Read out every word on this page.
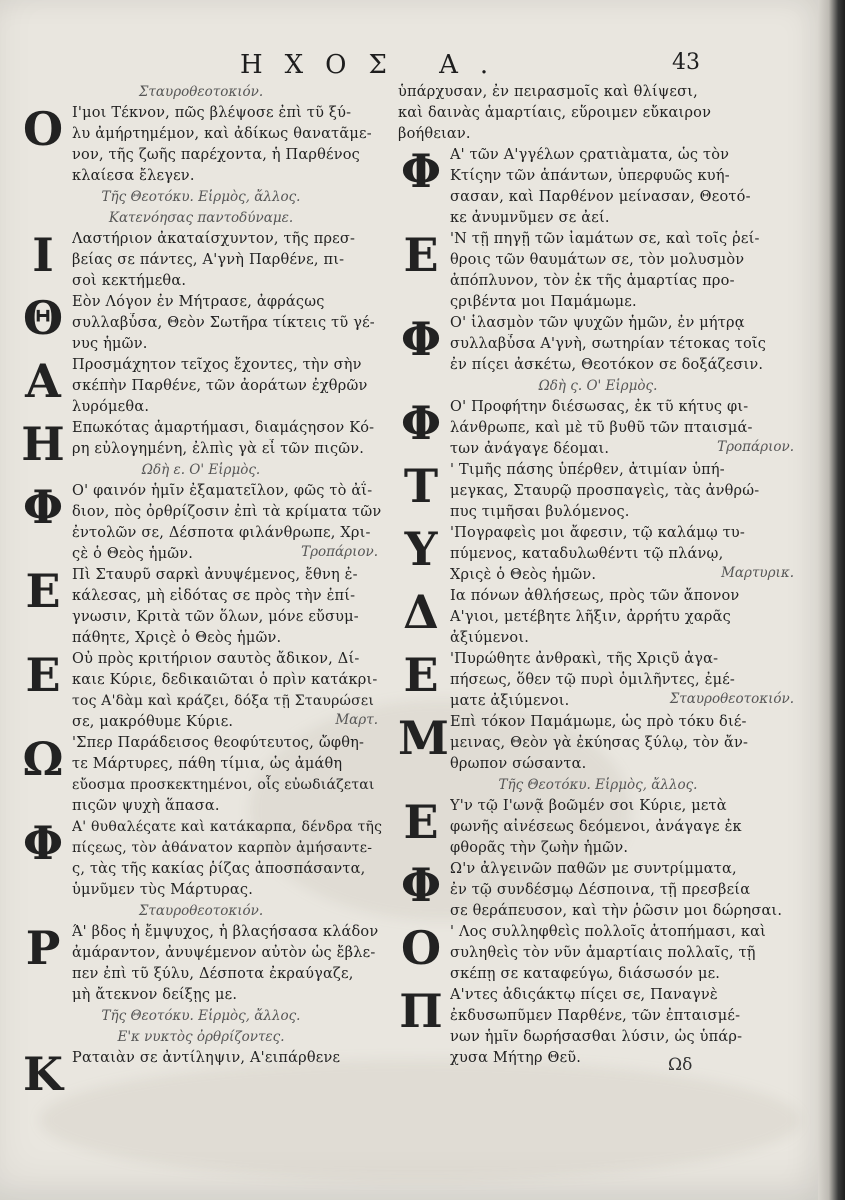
ΗΧΟΣ Α.	43
Σταυροθεοτοκιόν.
Ο Ι'μοι Τέκνον, πῶς βλέψοσε ἐπὶ τῦ ξύ-
λυ ἀμήρτημέμον, καὶ ἀδίκως θανατᾶμε-
νον, τῆς ζωῆς παρέχοντα, ἡ Παρθένος
κλαίεσα ἔλεγεν.
Τῆς Θεοτόκυ. Εἱρμὸς, ἄλλος.
Κατενόησας παντοδύναμε.
Ι	Λαστήριον ἀκαταίσχυντον, τῆς πρεσ-
βείας σε πάντες, Α'γνὴ Παρθένε, πι-
σοὶ κεκτήμεθα.
Θ Εὸν Λόγον ἐν Μήτρασε, ἀφράςως
συλλαβὖσα, Θεὸν Σωτῆρα τίκτεις τῦ γέ-
νυς ἡμῶν.
Α Προσμάχητον τεῖχος ἔχοντες, τὴν σὴν
σκέπὴν Παρθένε, τῶν ἀοράτων ἐχθρῶν
λυρόμεθα.
Η Επωκότας ἁμαρτήμασι, διαμάςησον Κό-
ρη εὐλογημένη, ἐλπὶς γὰ εἶ τῶν πιςῶν.
Ωδὴ ε. Ο' Εἱρμὸς.
Φ Ο' φαινόν ἡμῖν ἐξαματεῖλον, φῶς τὸ ἀΐ-
διον, πὸς ὀρθρίζοσιν ἐπὶ τὰ κρίματα τῶν
ἐντολῶν σε, Δέσποτα φιλάνθρωπε, Χρι-
ςὲ ὁ Θεὸς ἡμῶν.	Τροπάριον.
Ε Πὶ Σταυρῦ σαρκὶ ἀνυψέμενος, ἔθνη ἐ-
κάλεσας, μὴ εἰδότας σε πρὸς τὴν ἐπί-
γνωσιν, Κριτὰ τῶν ὅλων, μόνε εὔσυμ-
πάθητε, Χριςὲ ὁ Θεὸς ἡμῶν.
Ε Οὐ πρὸς κριτήριον σαυτὸς ἄδικον, Δί-
καιε Κύριε, δεδικαιῶται ὁ πρὶν κατάκρι-
τος Α'δὰμ καὶ κράζει, δόξα τῇ Σταυρώσει
σε, μακρόθυμε Κύριε.	Μαρτ.
Ω 'Σπερ Παράδεισος θεοφύτευτος, ὤφθη-
τε Μάρτυρες, πάθη τίμια, ὡς ἀμάθη
εὔοσμα προσκεκτημένοι, οἷς εὐωδιάζεται
πιςῶν ψυχὴ ἅπασα.
Φ Α' θυθαλέςατε καὶ κατάκαρπα, δένδρα τῆς
πίςεως, τὸν ἀθάνατον καρπὸν ἀμήσαντε-
ς, τὰς τῆς κακίας ῥίζας ἀποσπάσαντα,
ὑμνῦμεν τὺς Μάρτυρας.
Σταυροθεοτοκιόν.
Ρ Ά' βδος ἡ ἔμψυχος, ἡ βλαςήσασα κλάδον
ἀμάραντον, ἀνυψέμενον αὐτὸν ὡς ἔβλε-
πεν ἐπὶ τῦ ξύλυ, Δέσποτα ἐκραύγαζε,
μὴ ἄτεκνον δείξῃς με.
Τῆς Θεοτόκυ. Εἱρμὸς, ἄλλος.
Ε'κ νυκτὸς ὀρθρίζοντες.
Κ Ραταιὰν σε ἀντίληψιν, Α'ειπάρθενε
ὑπάρχυσαν, ἐν πειρασμοῖς καὶ θλίψεσι,
καὶ δαινὰς ἁμαρτίαις, εὕροιμεν εὔκαιρον
βοήθειαν.
Φ Α' τῶν Α'γγέλων ςρατιὰματα, ὡς τὸν
Κτίςην τῶν ἁπάντων, ὑπερφυῶς κυή-
σασαν, καὶ Παρθένον μείνασαν, Θεοτό-
κε ἀνυμνῦμεν σε ἀεί.
Ε 'Ν τῇ πηγῇ τῶν ἰαμάτων σε, καὶ τοῖς ῥεί-
θροις τῶν θαυμάτων σε, τὸν μολυσμὸν
ἀπόπλυνον, τὸν ἐκ τῆς ἁμαρτίας προ-
ςριβέντα μοι Παμάμωμε.
Φ Ο' ἱλασμὸν τῶν ψυχῶν ἡμῶν, ἐν μήτρᾳ
συλλαβὖσα Α'γνὴ, σωτηρίαν τέτοκας τοῖς
ἐν πίςει ἀσκέτω, Θεοτόκον σε δοξάζεσιν.
Ωδὴ ς. Ο' Εἱρμὸς.
Φ Ο' Προφήτην διέσωσας, ἐκ τῦ κήτυς φι-
λάνθρωπε, καὶ μὲ τῦ βυθῦ τῶν πταισμά-
των ἀνάγαγε δέομαι.	Τροπάριον.
Τ ' Τιμῆς πάσης ὑπέρθεν, ἀτιμίαν ὑπή-
μεγκας, Σταυρῷ προσπαγεὶς, τὰς ἀνθρώ-
πυς τιμῆσαι βυλόμενος.
Υ 'Πογραφεὶς μοι ἄφεσιν, τῷ καλάμῳ τυ-
πύμενος, καταδυλωθέντι τῷ πλάνῳ,
Χριςὲ ὁ Θεὸς ἡμῶν.	Μαρτυρικ.
Δ Ια πόνων ἀθλήσεως, πρὸς τῶν ἄπονον
Α'γιοι, μετέβητε λῆξιν, ἀρρήτυ χαρᾶς
ἀξιύμενοι.
Ε 'Πυρώθητε ἀνθρακὶ, τῆς Χριςῦ ἀγα-
πήσεως, ὅθεν τῷ πυρὶ ὁμιλῆντες, ἐμέ-
ματε ἀξιύμενοι.	Σταυροθεοτοκιόν.
Μ Επὶ τόκον Παμάμωμε, ὡς πρὸ τόκυ διέ-
μεινας, Θεὸν γὰ ἐκύησας ξύλῳ, τὸν ἄν-
θρωπον σώσαντα.
Τῆς Θεοτόκυ. Εἱρμὸς, ἄλλος.
Ε Υ'ν τῷ Ι'ωνᾷ βοῶμέν σοι Κύριε, μετὰ
φωνῆς αἰνέσεως δεόμενοι, ἀνάγαγε ἐκ
φθορᾶς τὴν ζωὴν ἡμῶν.
Φ Ω'ν ἀλγεινῶν παθῶν με συντρίμματα,
ἐν τῷ συνδέσμῳ Δέσποινα, τῇ πρεσβεία
σε θεράπευσον, καὶ τὴν ῥῶσιν μοι δώρησαι.
Ο ' Λος συλληφθεὶς πολλοῖς ἀτοπήμασι, καὶ
συληθεὶς τὸν νῦν ἁμαρτίαις πολλαῖς, τῇ
σκέπῃ σε καταφεύγω, διάσωσόν με.
Π Α'ντες ἀδιςάκτῳ πίςει σε, Παναγνὲ
ἐκδυσωπῦμεν Παρθένε, τῶν ἐπταισμέ-
νων ἡμῖν δωρήσασθαι λύσιν, ὡς ὑπάρ-
χυσα Μήτηρ Θεῦ.	Ωδ
